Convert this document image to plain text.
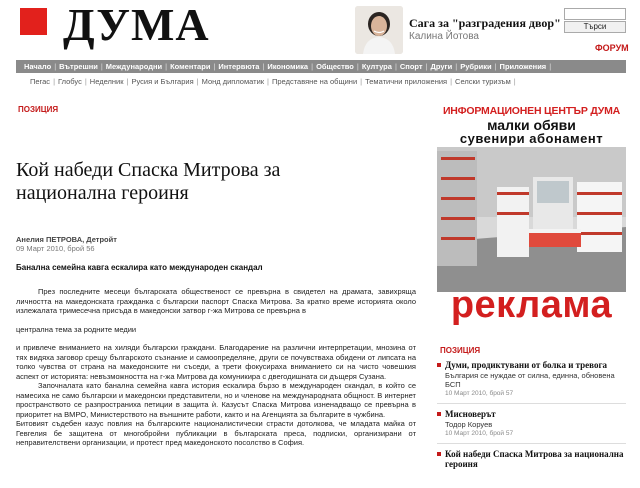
ДУМА	Сага за "разградения двор"
Калина Йотова
Търси
ФОРУМ
Начало | Вътрешни | Международни | Коментари | Интервюта | Икономика | Общество | Култура | Спорт | Други | Рубрики | Приложения |
Пегас | Глобус | Неделник | Русия и България | Монд дипломатик | Представяне на общини | Тематични приложения | Селски туризъм |
ПОЗИЦИЯ
Кой набеди Спаска Митрова за национална героиня
Анелия ПЕТРОВА, Детройт
09 Март 2010, брой 56
Банална семейна кавга ескалира като международен скандал

През последните месеци българската общественост се превърна в свидетел на драмата, завихряща личността на македонската гражданка с български паспорт Спаска Митрова. За кратко време историята около излежалата тримесечна присъда в македонски затвор г-жа Митрова се превърна в

централна тема за родните медии

и привлече вниманието на хиляди български граждани. Благодарение на различни интерпретации, мнозина от тях видяха заговор срещу българското съзнание и самоопределяне, други се почувстваха обидени от липсата на толко чувства от страна на македонските ни съседи, а трети фокусираха вниманието си на чисто човешкия аспект от историята: невъзможността на г-жа Митрова да комуникира с двегодишната си дъщеря Сузана.

Започналата като банална семейна кавга история ескалира бързо в международен скандал, в който се намесиха не само български и македонски представители, но и членове на международната общност. В интернет пространството се разпространиха петиции в защита ѝ. Казусът Спаска Митрова изненадващо се превърна в приоритет на ВМРО, Министерството на външните работи, както и на Агенцията за българите в чужбина.

Битовият съдебен казус повлия на българските националистически страсти дотолкова, че младата майка от Гевгелия бе защитена от многобройни публикации в българската преса, подписки, организирани от неправителствени организации, и протест пред македонското посолство в София.

ИНФОРМАЦИОНЕН ЦЕНТЪР ДУМА
малки обяви
сувенири абонамент
реклама
ПОЗИЦИЯ
Думи, продиктувани от болка и тревога
България се нуждае от силна, единна, обновена БСП
10 Март 2010, брой 57
Мисноверът
Тодор Коруев
10 Март 2010, брой 57
Кой набеди Спаска Митрова за национална героиня
